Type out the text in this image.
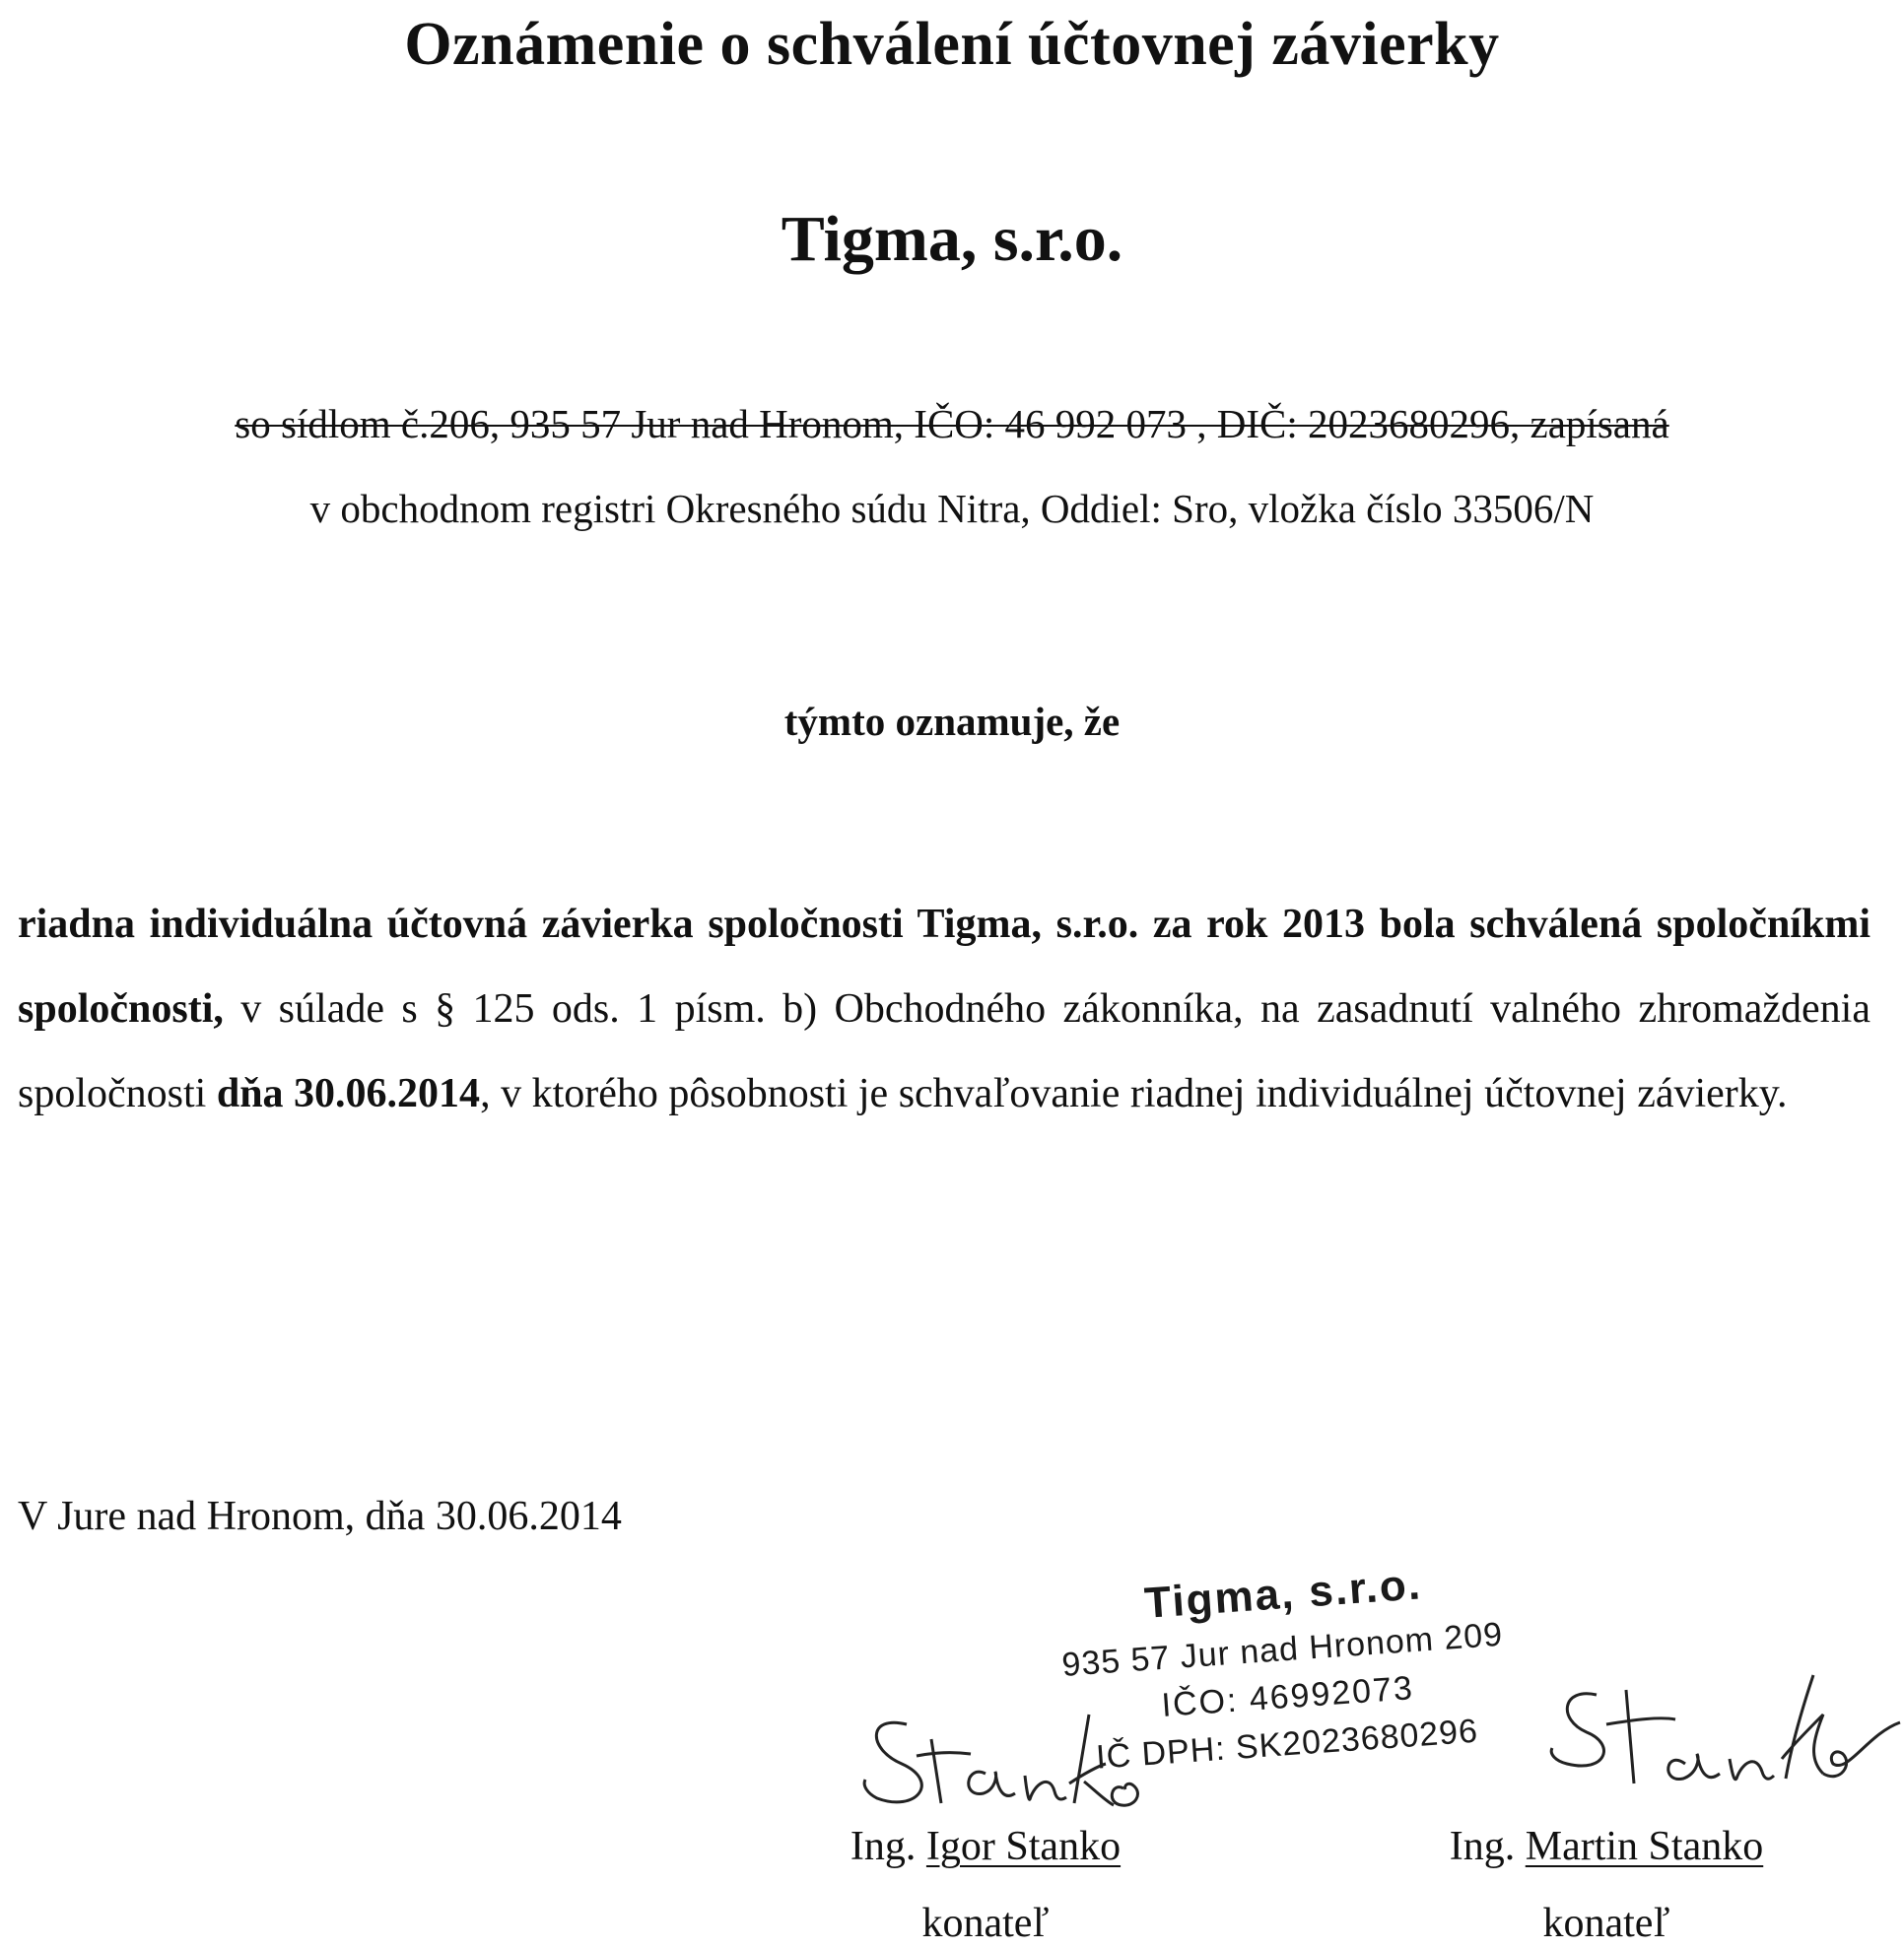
Oznámenie o schválení účtovnej závierky
Tigma, s.r.o.
so sídlom č.206, 935 57 Jur nad Hronom, IČO: 46 992 073 , DIČ: 2023680296, zapísaná
v obchodnom registri Okresného súdu Nitra, Oddiel: Sro, vložka číslo 33506/N
týmto oznamuje, že
riadna individuálna účtovná závierka spoločnosti Tigma, s.r.o. za rok 2013 bola schválená spoločníkmi spoločnosti, v súlade s § 125 ods. 1 písm. b) Obchodného zákonníka, na zasadnutí valného zhromaždenia spoločnosti dňa 30.06.2014, v ktorého pôsobnosti je schvaľovanie riadnej individuálnej účtovnej závierky.
V Jure nad Hronom, dňa 30.06.2014
Tigma, s.r.o.
935 57 Jur nad Hronom 209
IČO: 46992073
IČ DPH: SK2023680296
Ing. Igor Stanko
konateľ
Ing. Martin Stanko
konateľ
